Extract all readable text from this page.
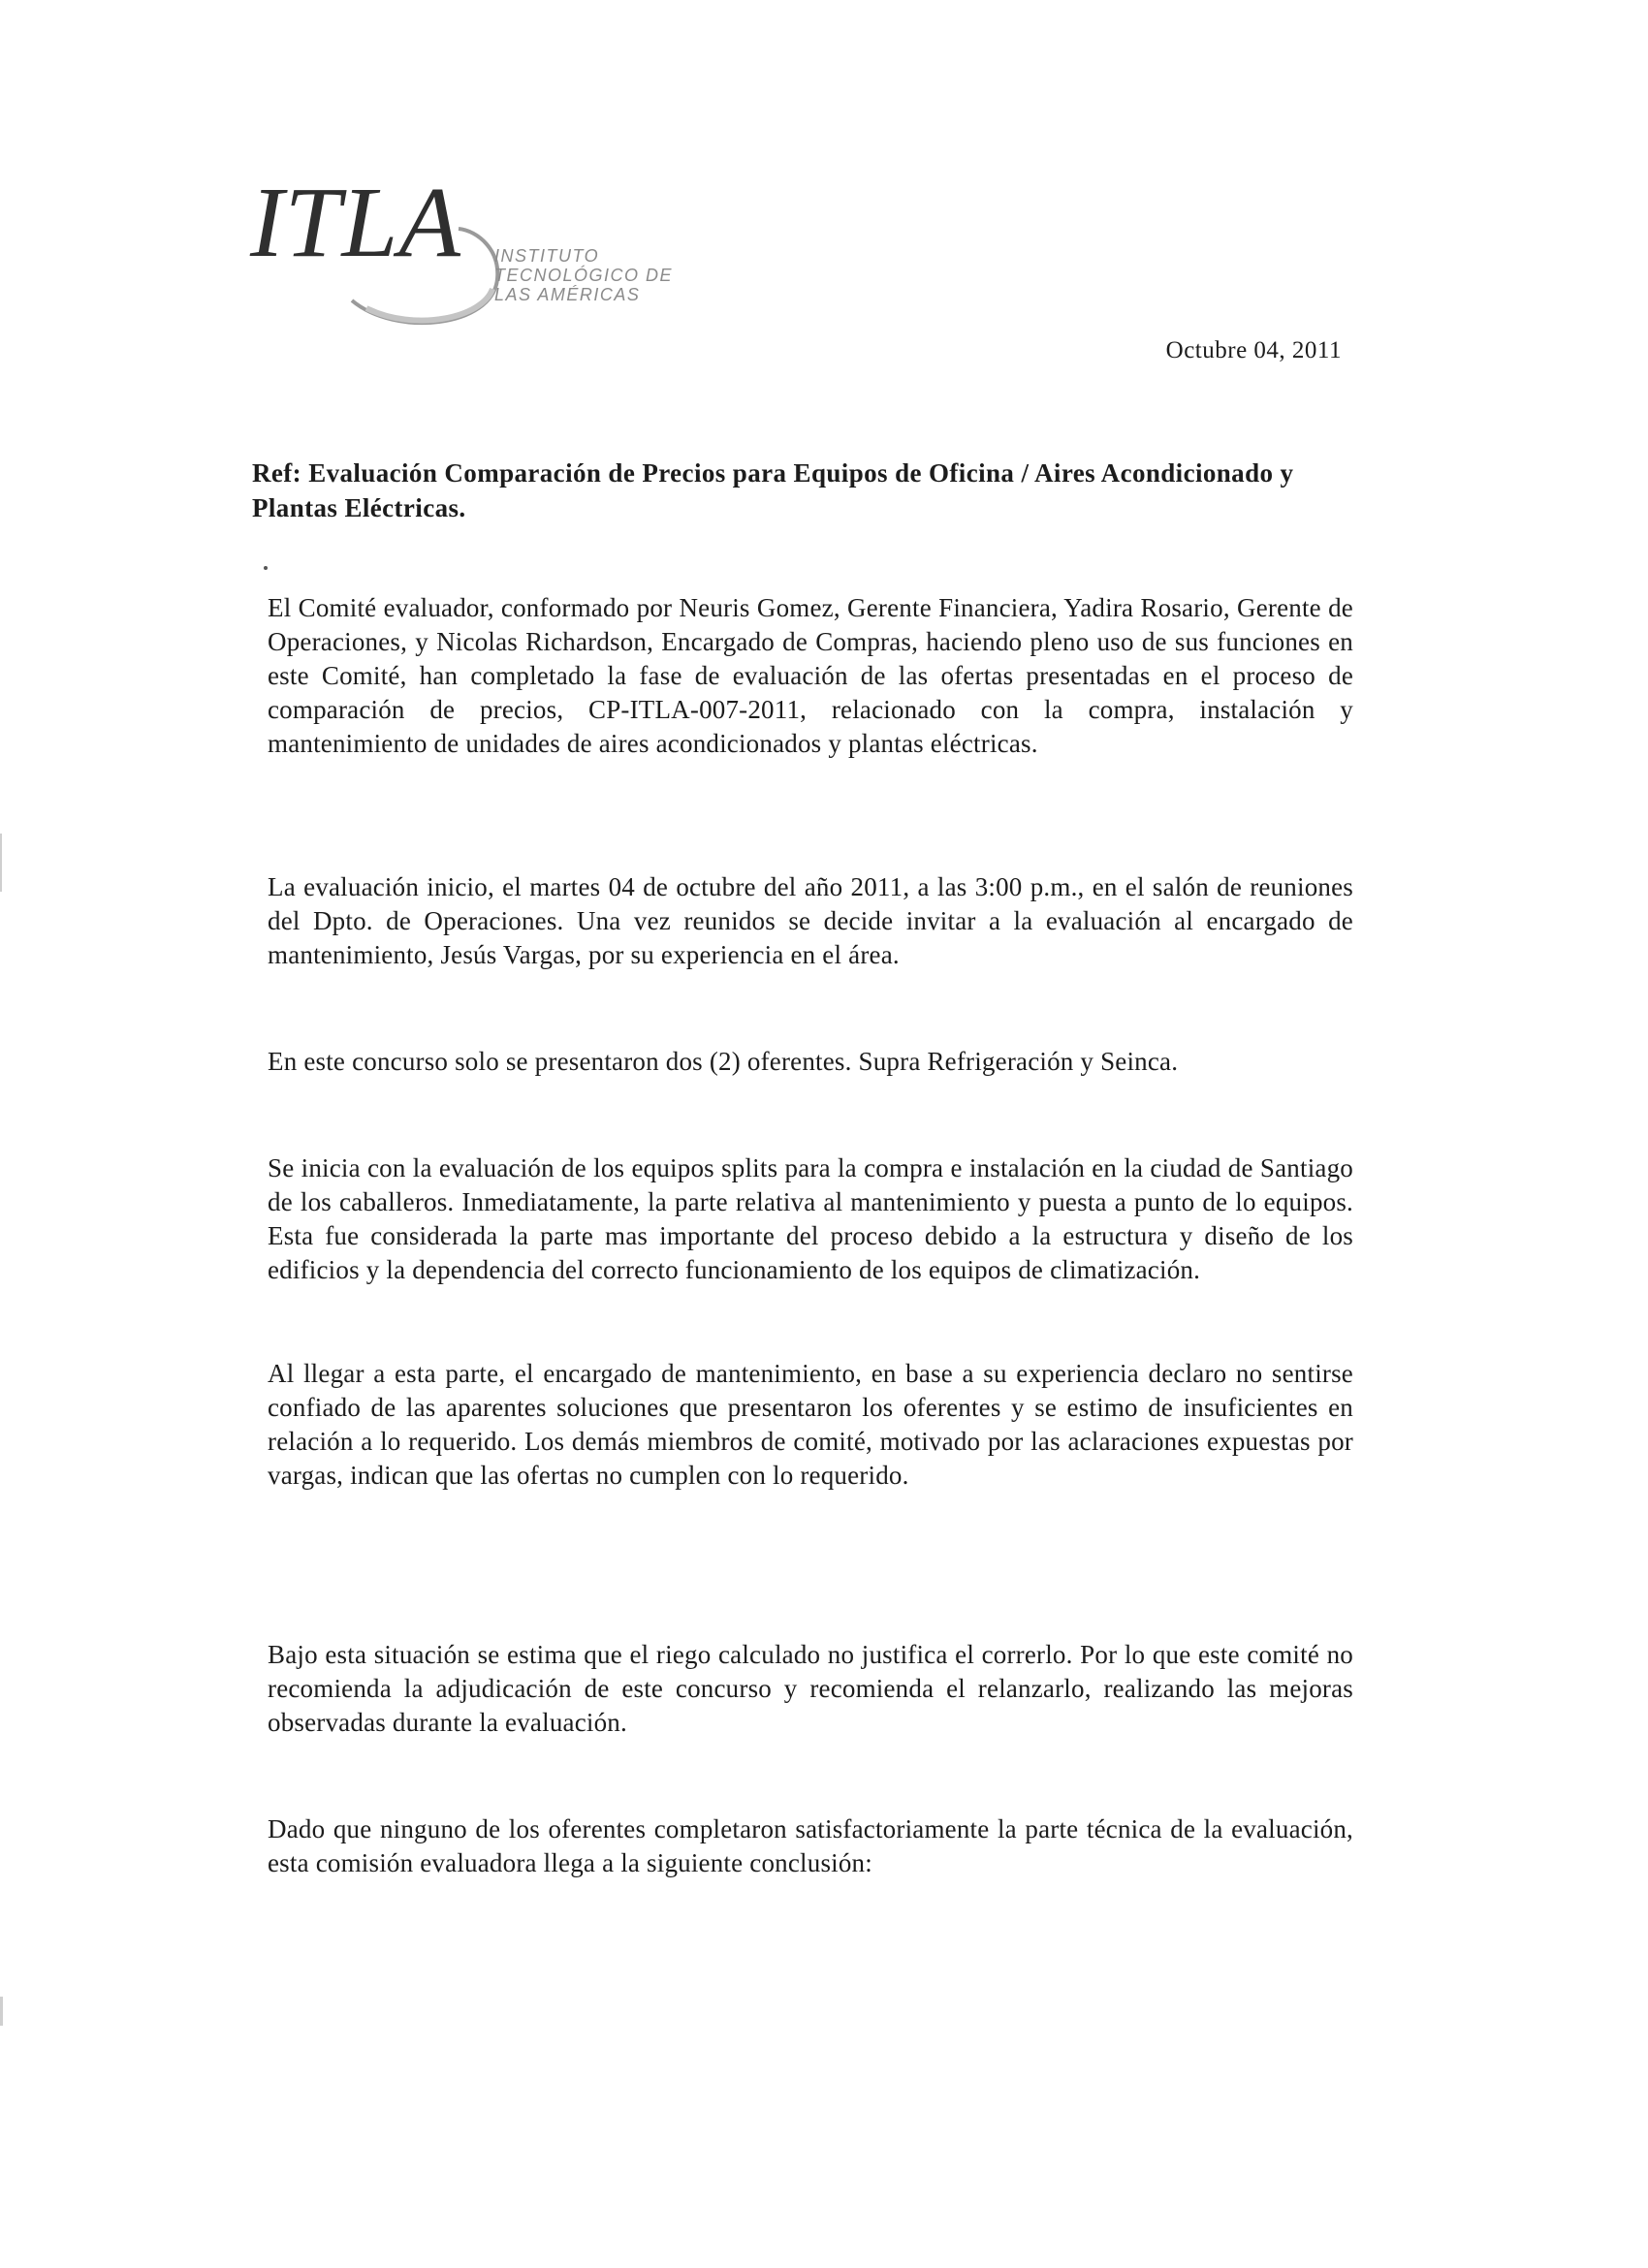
ITLA INSTITUTO
TECNOLÓGICO DE
LAS AMÉRICAS
Octubre 04, 2011
Ref: Evaluación Comparación de Precios para Equipos de Oficina / Aires Acondicionado y Plantas Eléctricas.
El Comité evaluador, conformado por Neuris Gomez, Gerente Financiera, Yadira Rosario, Gerente de Operaciones, y Nicolas Richardson, Encargado de Compras, haciendo pleno uso de sus funciones en este Comité, han completado la fase de evaluación de las ofertas presentadas en el proceso de comparación de precios, CP-ITLA-007-2011, relacionado con la compra, instalación y mantenimiento de unidades de aires acondicionados y plantas eléctricas.
La evaluación inicio, el martes 04 de octubre del año 2011, a las 3:00 p.m., en el salón de reuniones del Dpto. de Operaciones. Una vez reunidos se decide invitar a la evaluación al encargado de mantenimiento, Jesús Vargas, por su experiencia en el área.
En este concurso solo se presentaron dos (2) oferentes. Supra Refrigeración y Seinca.
Se inicia con la evaluación de los equipos splits para la compra e instalación en la ciudad de Santiago de los caballeros. Inmediatamente, la parte relativa al mantenimiento y puesta a punto de lo equipos. Esta fue considerada la parte mas importante del proceso debido a la estructura y diseño de los edificios y la dependencia del correcto funcionamiento de los equipos de climatización.
Al llegar a esta parte, el encargado de mantenimiento, en base a su experiencia declaro no sentirse confiado de las aparentes soluciones que presentaron los oferentes y se estimo de insuficientes en relación a lo requerido. Los demás miembros de comité, motivado por las aclaraciones expuestas por vargas, indican que las ofertas no cumplen con lo requerido.
Bajo esta situación se estima que el riego calculado no justifica el correrlo. Por lo que este comité no recomienda la adjudicación de este concurso y recomienda el relanzarlo, realizando las mejoras observadas durante la evaluación.
Dado que ninguno de los oferentes completaron satisfactoriamente la parte técnica de la evaluación, esta comisión evaluadora llega a la siguiente conclusión:
